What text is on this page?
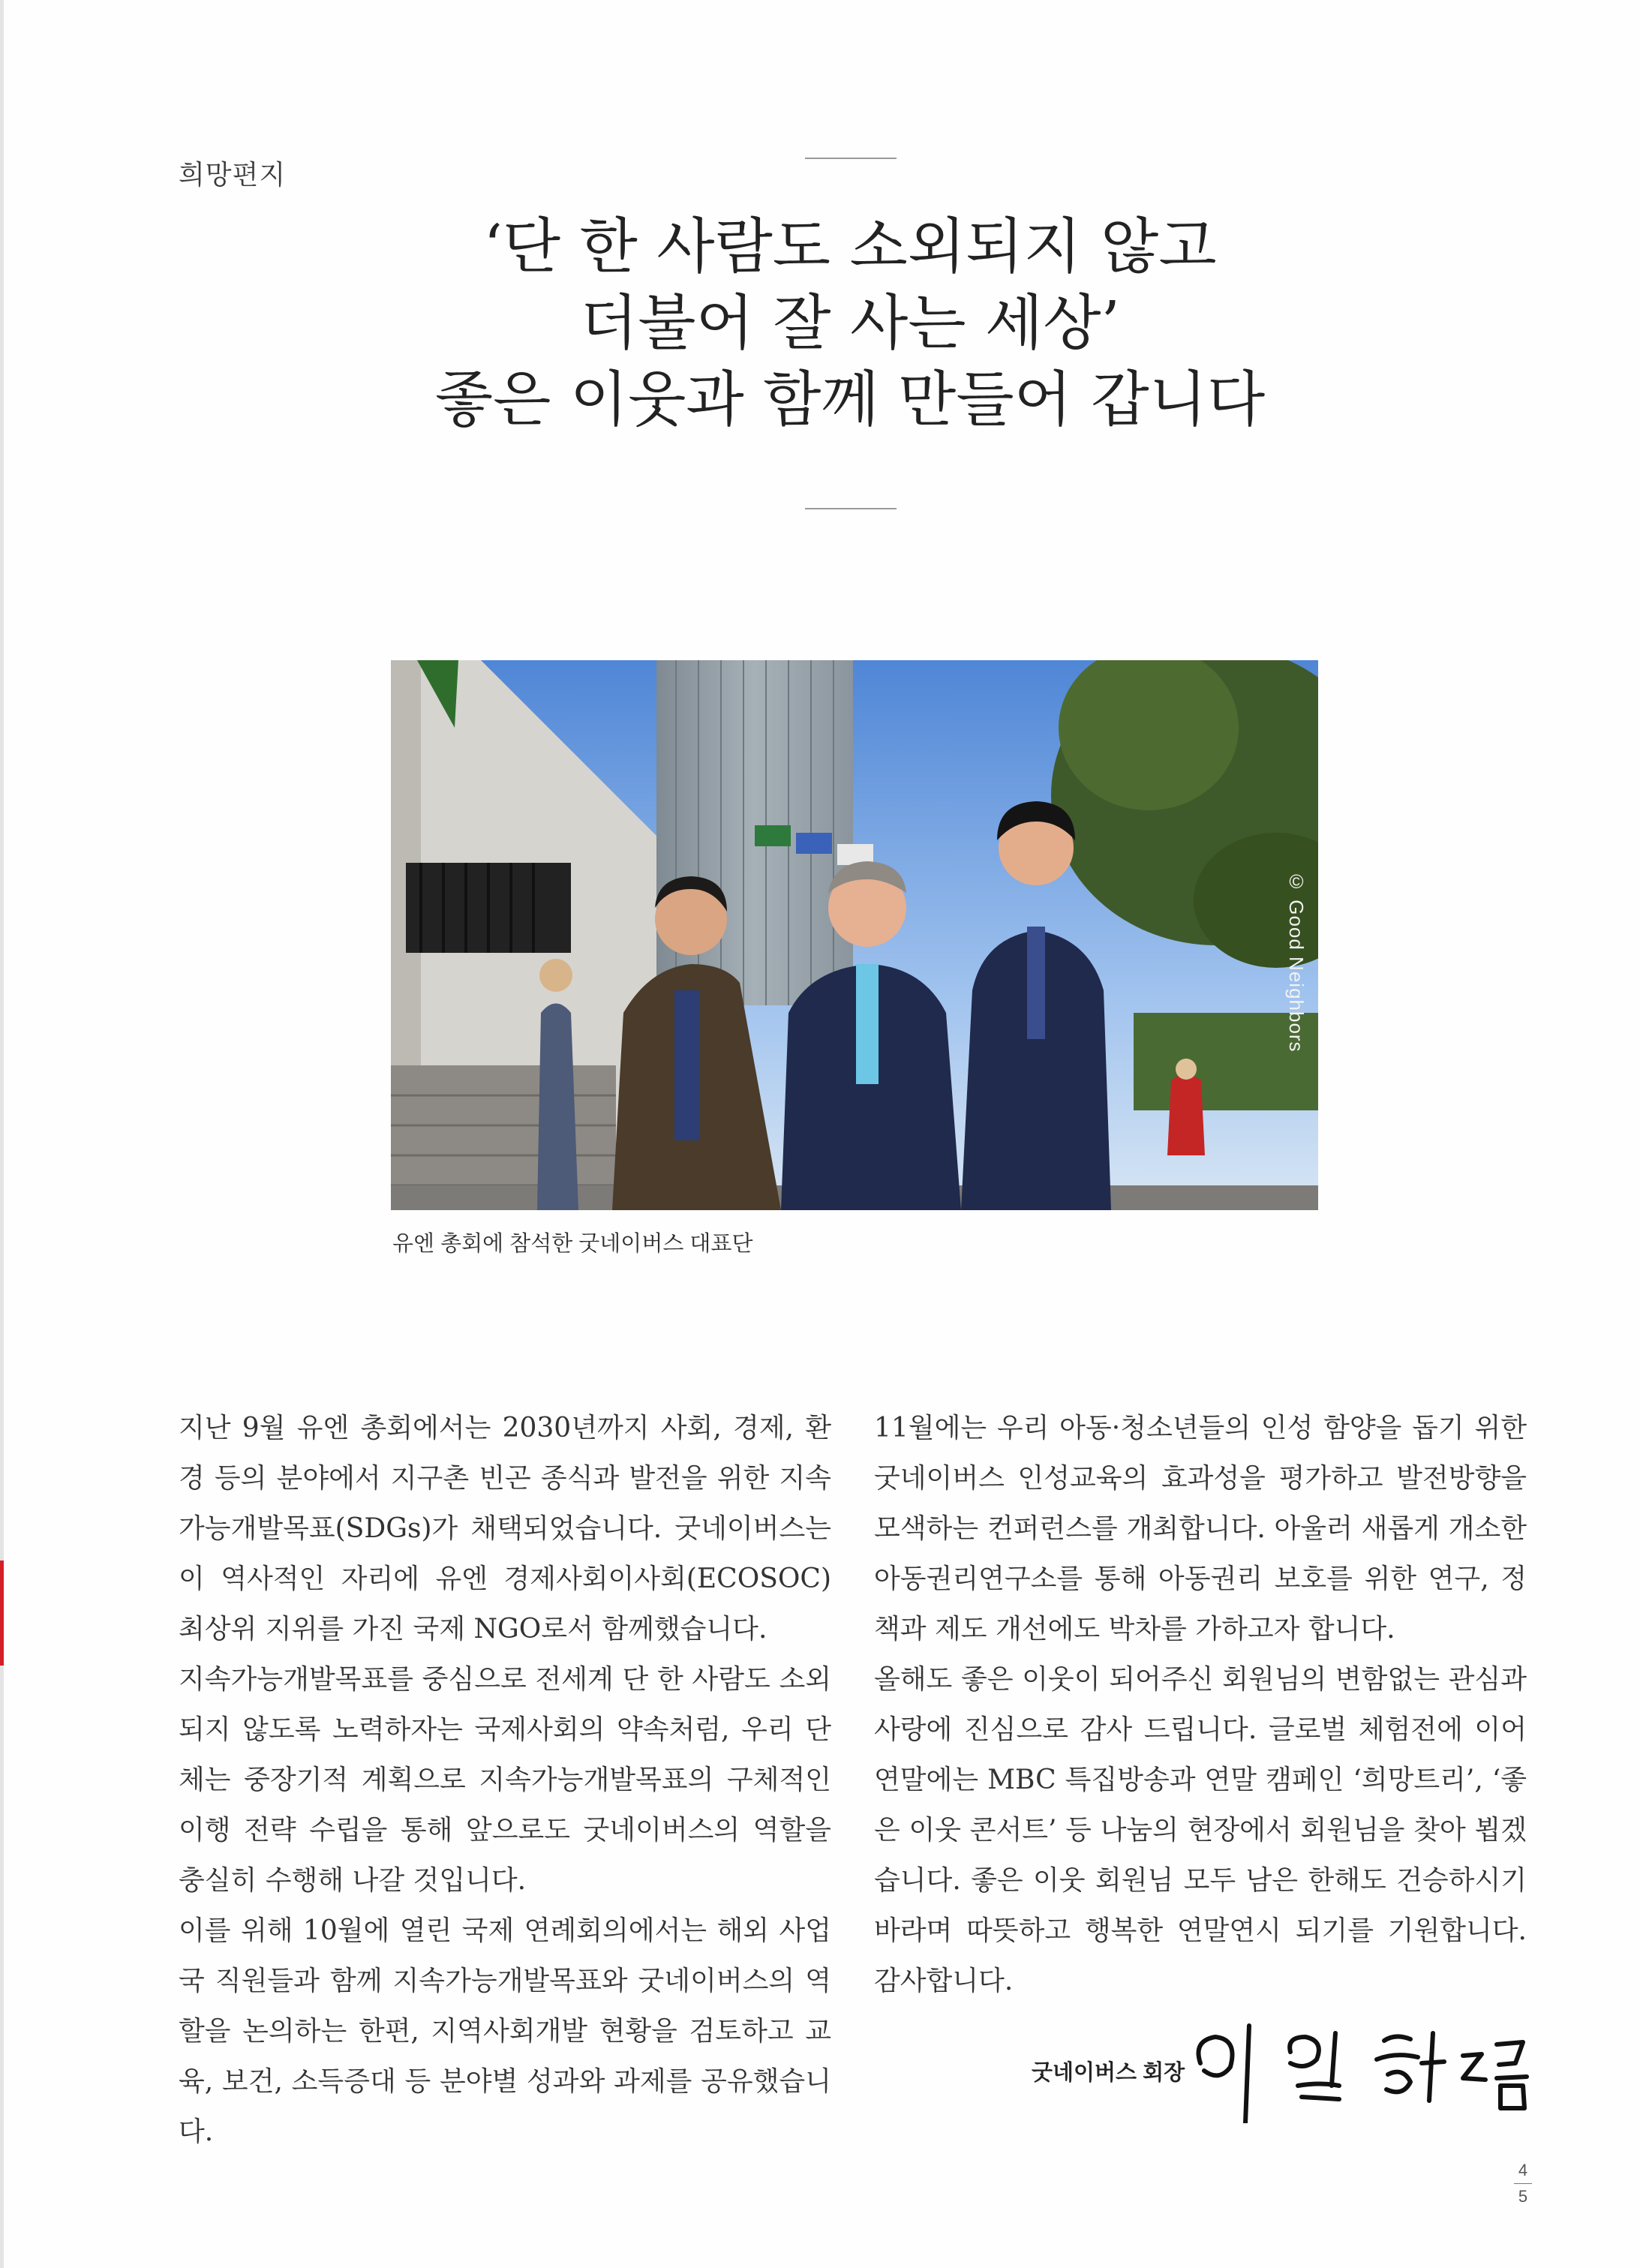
희망편지
‘단 한 사람도 소외되지 않고
더불어 잘 사는 세상’
좋은 이웃과 함께 만들어 갑니다
© Good Neighbors
유엔 총회에 참석한 굿네이버스 대표단

지난 9월 유엔 총회에서는 2030년까지 사회, 경제, 환경 등의 분야에서 지구촌 빈곤 종식과 발전을 위한 지속가능개발목표(SDGs)가 채택되었습니다. 굿네이버스는 이 역사적인 자리에 유엔 경제사회이사회(ECOSOC) 최상위 지위를 가진 국제 NGO로서 함께했습니다.

지속가능개발목표를 중심으로 전세계 단 한 사람도 소외되지 않도록 노력하자는 국제사회의 약속처럼, 우리 단체는 중장기적 계획으로 지속가능개발목표의 구체적인 이행 전략 수립을 통해 앞으로도 굿네이버스의 역할을 충실히 수행해 나갈 것입니다.

이를 위해 10월에 열린 국제 연례회의에서는 해외 사업국 직원들과 함께 지속가능개발목표와 굿네이버스의 역할을 논의하는 한편, 지역사회개발 현황을 검토하고 교육, 보건, 소득증대 등 분야별 성과와 과제를 공유했습니다.

11월에는 우리 아동·청소년들의 인성 함양을 돕기 위한 굿네이버스 인성교육의 효과성을 평가하고 발전방향을 모색하는 컨퍼런스를 개최합니다. 아울러 새롭게 개소한 아동권리연구소를 통해 아동권리 보호를 위한 연구, 정책과 제도 개선에도 박차를 가하고자 합니다.

올해도 좋은 이웃이 되어주신 회원님의 변함없는 관심과 사랑에 진심으로 감사 드립니다. 글로벌 체험전에 이어 연말에는 MBC 특집방송과 연말 캠페인 ‘희망트리’, ‘좋은 이웃 콘서트’ 등 나눔의 현장에서 회원님을 찾아 뵙겠습니다. 좋은 이웃 회원님 모두 남은 한해도 건승하시기 바라며 따뜻하고 행복한 연말연시 되기를 기원합니다. 감사합니다.

굿네이버스 회장
4
5
